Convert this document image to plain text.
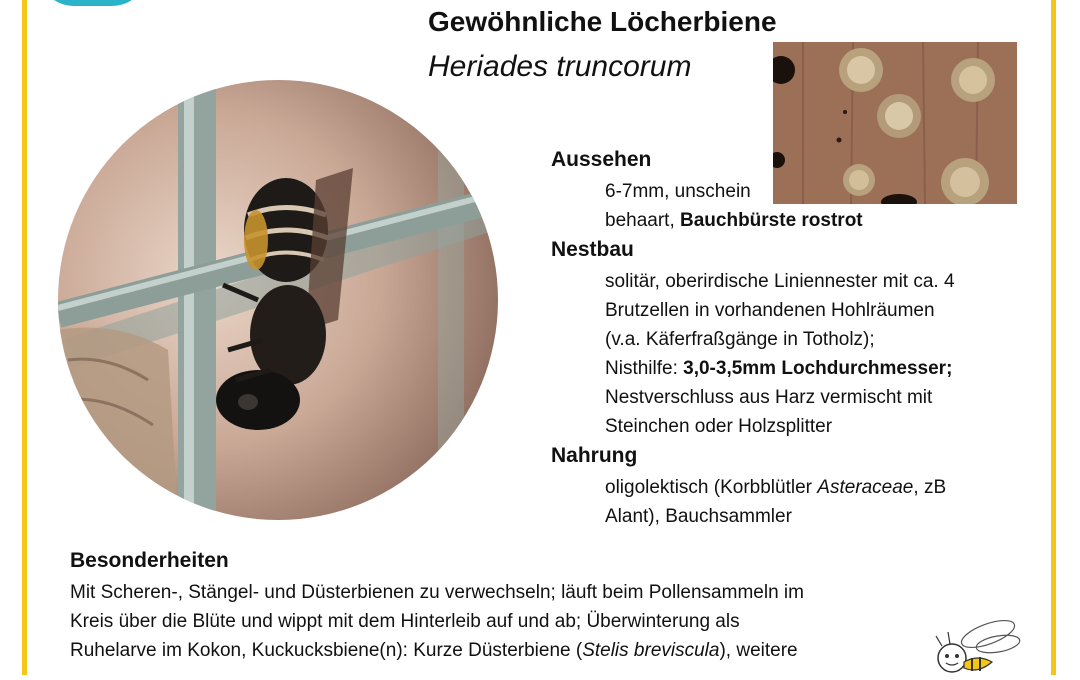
Gewöhnliche Löcherbiene
Heriades truncorum
Aussehen
6-7mm, unschein
behaart, Bauchbürste rostrot
Nestbau
solitär, oberirdische Liniennester mit ca. 4
Brutzellen in vorhandenen Hohlräumen
(v.a. Käferfraßgänge in Totholz);
Nisthilfe: 3,0-3,5mm Lochdurchmesser;
Nestverschluss aus Harz vermischt mit
Steinchen oder Holzsplitter
Nahrung
oligolektisch (Korbblütler Asteraceae, zB
Alant), Bauchsammler
Besonderheiten
Mit Scheren-, Stängel- und Düsterbienen zu verwechseln; läuft beim Pollensammeln im
Kreis über die Blüte und wippt mit dem Hinterleib auf und ab; Überwinterung als
Ruhelarve im Kokon, Kuckucksbiene(n): Kurze Düsterbiene (Stelis breviscula), weitere
